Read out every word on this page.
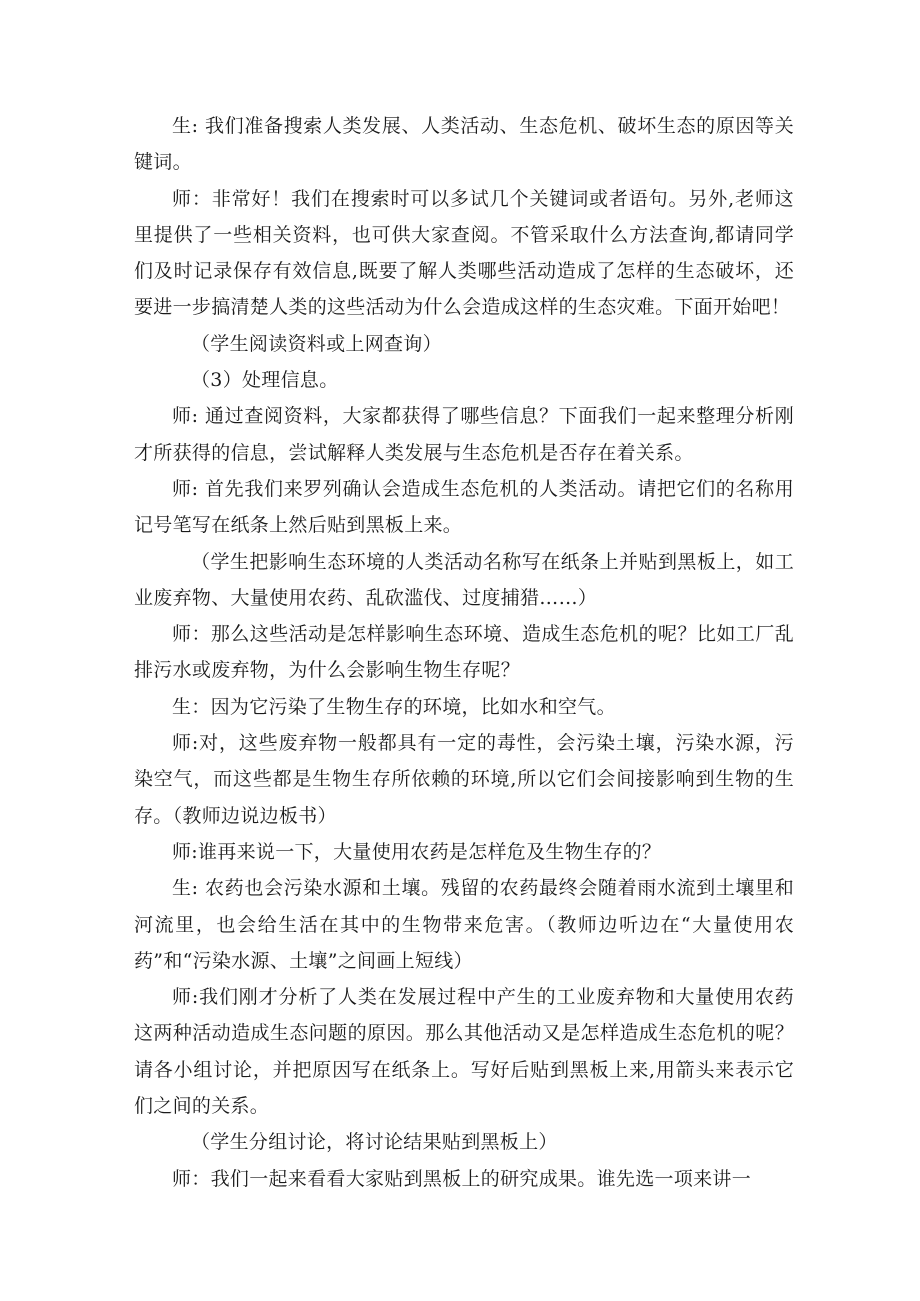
生: 我们准备搜索人类发展、人类活动、生态危机、破坏生态的原因等关键词。

师：非常好！我们在搜索时可以多试几个关键词或者语句。另外,老师这里提供了一些相关资料，也可供大家查阅。不管采取什么方法查询,都请同学们及时记录保存有效信息,既要了解人类哪些活动造成了怎样的生态破坏，还要进一步搞清楚人类的这些活动为什么会造成这样的生态灾难。下面开始吧！

（学生阅读资料或上网查询）

（3）处理信息。

师: 通过查阅资料，大家都获得了哪些信息？下面我们一起来整理分析刚才所获得的信息，尝试解释人类发展与生态危机是否存在着关系。

师: 首先我们来罗列确认会造成生态危机的人类活动。请把它们的名称用记号笔写在纸条上然后贴到黑板上来。

（学生把影响生态环境的人类活动名称写在纸条上并贴到黑板上，如工业废弃物、大量使用农药、乱砍滥伐、过度捕猎……）

师：那么这些活动是怎样影响生态环境、造成生态危机的呢？比如工厂乱排污水或废弃物，为什么会影响生物生存呢？

生：因为它污染了生物生存的环境，比如水和空气。

师:对，这些废弃物一般都具有一定的毒性，会污染土壤，污染水源，污染空气，而这些都是生物生存所依赖的环境,所以它们会间接影响到生物的生存。（教师边说边板书）

师:谁再来说一下，大量使用农药是怎样危及生物生存的？

生: 农药也会污染水源和土壤。残留的农药最终会随着雨水流到土壤里和河流里，也会给生活在其中的生物带来危害。（教师边听边在“大量使用农药”和“污染水源、土壤”之间画上短线）

师:我们刚才分析了人类在发展过程中产生的工业废弃物和大量使用农药这两种活动造成生态问题的原因。那么其他活动又是怎样造成生态危机的呢？请各小组讨论，并把原因写在纸条上。写好后贴到黑板上来,用箭头来表示它们之间的关系。

（学生分组讨论，将讨论结果贴到黑板上）

师：我们一起来看看大家贴到黑板上的研究成果。谁先选一项来讲一
